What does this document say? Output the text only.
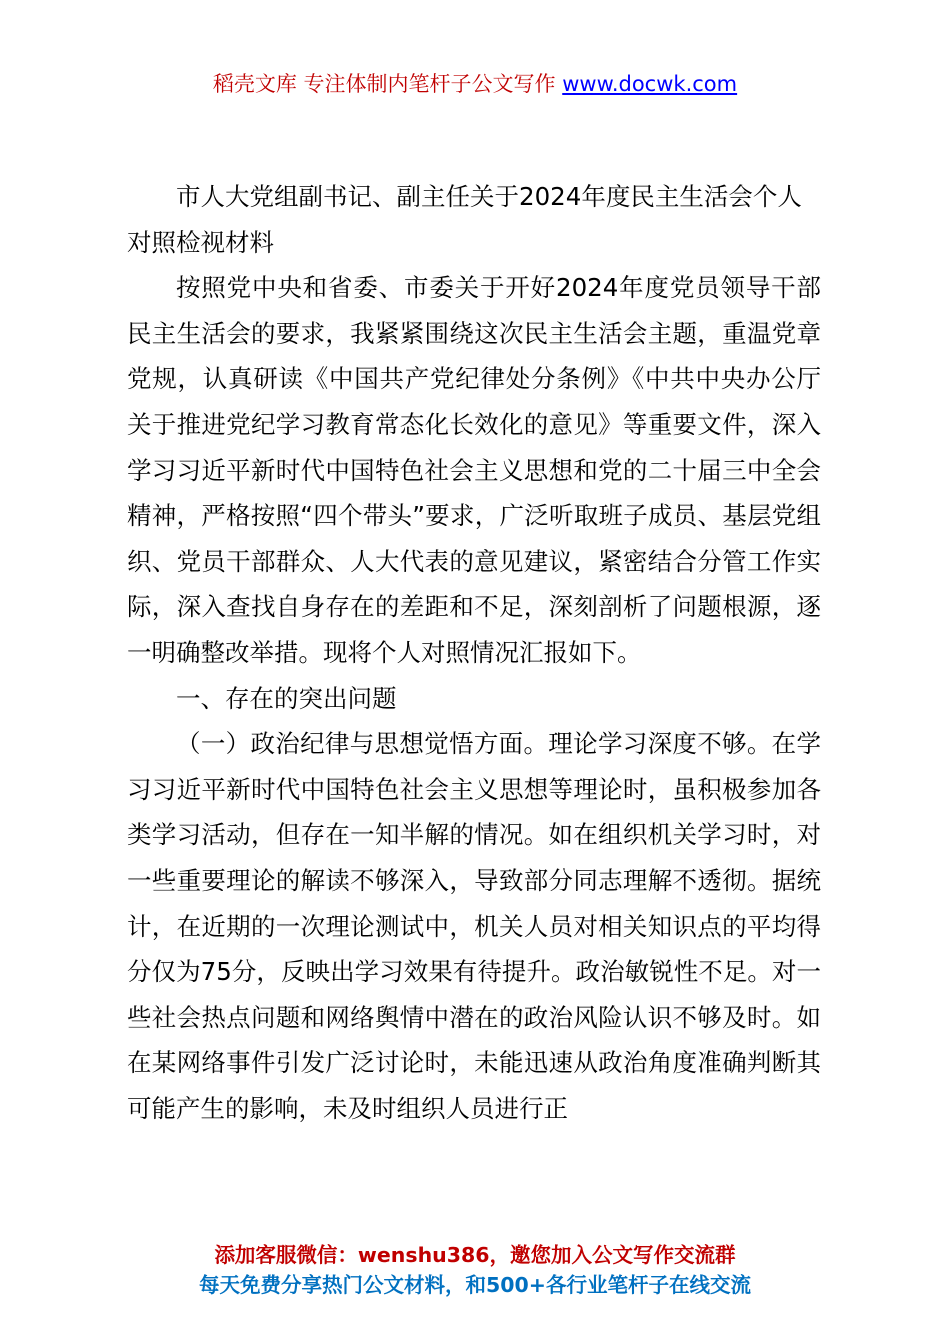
稻壳文库 专注体制内笔杆子公文写作 www.docwk.com

市人大党组副书记、副主任关于2024年度民主生活会个人对照检视材料

按照党中央和省委、市委关于开好2024年度党员领导干部民主生活会的要求，我紧紧围绕这次民主生活会主题，重温党章党规，认真研读《中国共产党纪律处分条例》《中共中央办公厅关于推进党纪学习教育常态化长效化的意见》等重要文件，深入学习习近平新时代中国特色社会主义思想和党的二十届三中全会精神，严格按照“四个带头”要求，广泛听取班子成员、基层党组织、党员干部群众、人大代表的意见建议，紧密结合分管工作实际，深入查找自身存在的差距和不足，深刻剖析了问题根源，逐一明确整改举措。现将个人对照情况汇报如下。

一、存在的突出问题

（一）政治纪律与思想觉悟方面。理论学习深度不够。在学习习近平新时代中国特色社会主义思想等理论时，虽积极参加各类学习活动，但存在一知半解的情况。如在组织机关学习时，对一些重要理论的解读不够深入，导致部分同志理解不透彻。据统计，在近期的一次理论测试中，机关人员对相关知识点的平均得分仅为75分，反映出学习效果有待提升。政治敏锐性不足。对一些社会热点问题和网络舆情中潜在的政治风险认识不够及时。如在某网络事件引发广泛讨论时，未能迅速从政治角度准确判断其可能产生的影响，未及时组织人员进行正

添加客服微信：wenshu386，邀您加入公文写作交流群
每天免费分享热门公文材料，和500+各行业笔杆子在线交流
